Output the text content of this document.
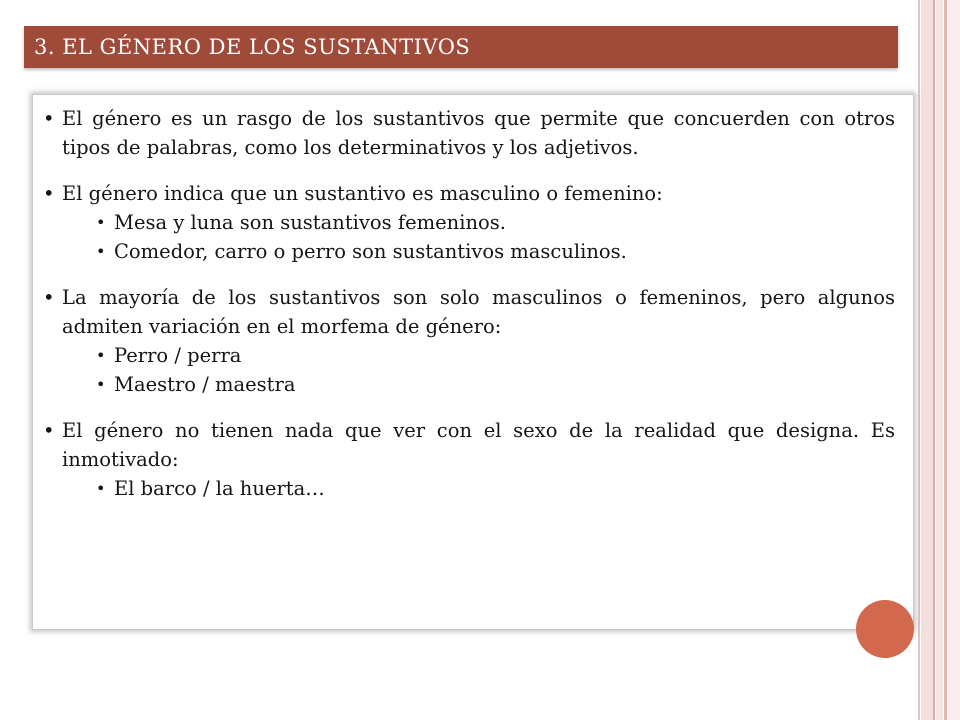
3. EL GÉNERO DE LOS SUSTANTIVOS
• El género es un rasgo de los sustantivos que permite que concuerden con otros tipos de palabras, como los determinativos y los adjetivos.
• El género indica que un sustantivo es masculino o femenino:
• Mesa y luna son sustantivos femeninos.
• Comedor, carro o perro son sustantivos masculinos.
• La mayoría de los sustantivos son solo masculinos o femeninos, pero algunos admiten variación en el morfema de género:
• Perro / perra
• Maestro / maestra
• El género no tienen nada que ver con el sexo de la realidad que designa. Es inmotivado:
• El barco / la huerta…
